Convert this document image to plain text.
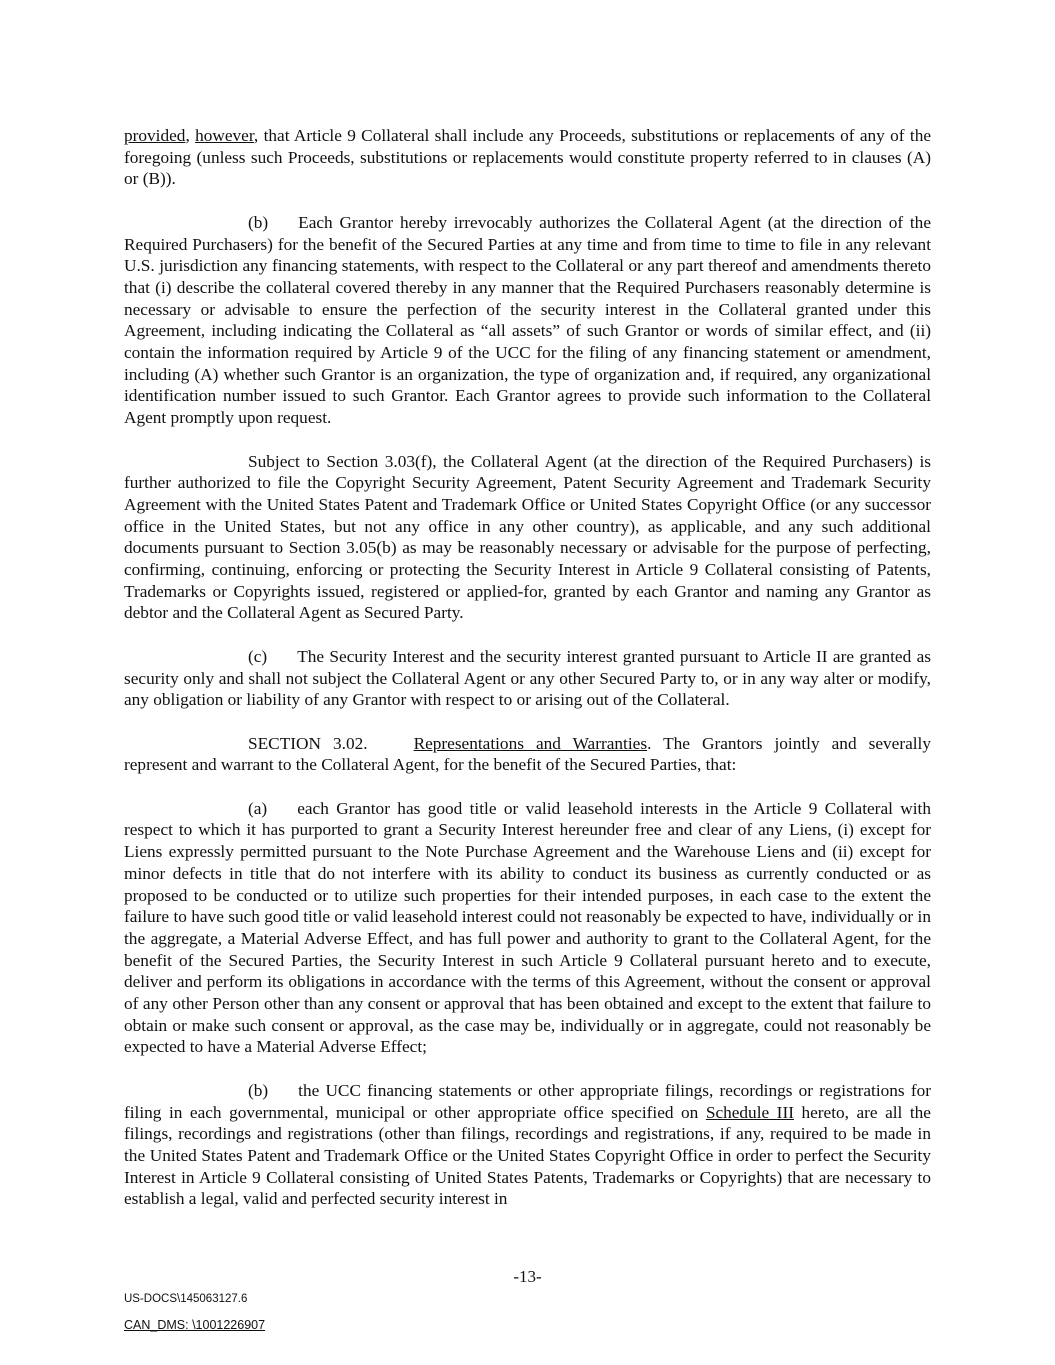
provided, however, that Article 9 Collateral shall include any Proceeds, substitutions or replacements of any of the foregoing (unless such Proceeds, substitutions or replacements would constitute property referred to in clauses (A) or (B)).

(b) Each Grantor hereby irrevocably authorizes the Collateral Agent (at the direction of the Required Purchasers) for the benefit of the Secured Parties at any time and from time to time to file in any relevant U.S. jurisdiction any financing statements, with respect to the Collateral or any part thereof and amendments thereto that (i) describe the collateral covered thereby in any manner that the Required Purchasers reasonably determine is necessary or advisable to ensure the perfection of the security interest in the Collateral granted under this Agreement, including indicating the Collateral as “all assets” of such Grantor or words of similar effect, and (ii) contain the information required by Article 9 of the UCC for the filing of any financing statement or amendment, including (A) whether such Grantor is an organization, the type of organization and, if required, any organizational identification number issued to such Grantor. Each Grantor agrees to provide such information to the Collateral Agent promptly upon request.

Subject to Section 3.03(f), the Collateral Agent (at the direction of the Required Purchasers) is further authorized to file the Copyright Security Agreement, Patent Security Agreement and Trademark Security Agreement with the United States Patent and Trademark Office or United States Copyright Office (or any successor office in the United States, but not any office in any other country), as applicable, and any such additional documents pursuant to Section 3.05(b) as may be reasonably necessary or advisable for the purpose of perfecting, confirming, continuing, enforcing or protecting the Security Interest in Article 9 Collateral consisting of Patents, Trademarks or Copyrights issued, registered or applied-for, granted by each Grantor and naming any Grantor as debtor and the Collateral Agent as Secured Party.

(c) The Security Interest and the security interest granted pursuant to Article II are granted as security only and shall not subject the Collateral Agent or any other Secured Party to, or in any way alter or modify, any obligation or liability of any Grantor with respect to or arising out of the Collateral.

SECTION 3.02.	Representations and Warranties. The Grantors jointly and severally represent and warrant to the Collateral Agent, for the benefit of the Secured Parties, that:

(a) each Grantor has good title or valid leasehold interests in the Article 9 Collateral with respect to which it has purported to grant a Security Interest hereunder free and clear of any Liens, (i) except for Liens expressly permitted pursuant to the Note Purchase Agreement and the Warehouse Liens and (ii) except for minor defects in title that do not interfere with its ability to conduct its business as currently conducted or as proposed to be conducted or to utilize such properties for their intended purposes, in each case to the extent the failure to have such good title or valid leasehold interest could not reasonably be expected to have, individually or in the aggregate, a Material Adverse Effect, and has full power and authority to grant to the Collateral Agent, for the benefit of the Secured Parties, the Security Interest in such Article 9 Collateral pursuant hereto and to execute, deliver and perform its obligations in accordance with the terms of this Agreement, without the consent or approval of any other Person other than any consent or approval that has been obtained and except to the extent that failure to obtain or make such consent or approval, as the case may be, individually or in aggregate, could not reasonably be expected to have a Material Adverse Effect;

(b) the UCC financing statements or other appropriate filings, recordings or registrations for filing in each governmental, municipal or other appropriate office specified on Schedule III hereto, are all the filings, recordings and registrations (other than filings, recordings and registrations, if any, required to be made in the United States Patent and Trademark Office or the United States Copyright Office in order to perfect the Security Interest in Article 9 Collateral consisting of United States Patents, Trademarks or Copyrights) that are necessary to establish a legal, valid and perfected security interest in

-13-
US-DOCS\145063127.6
CAN_DMS: \1001226907
